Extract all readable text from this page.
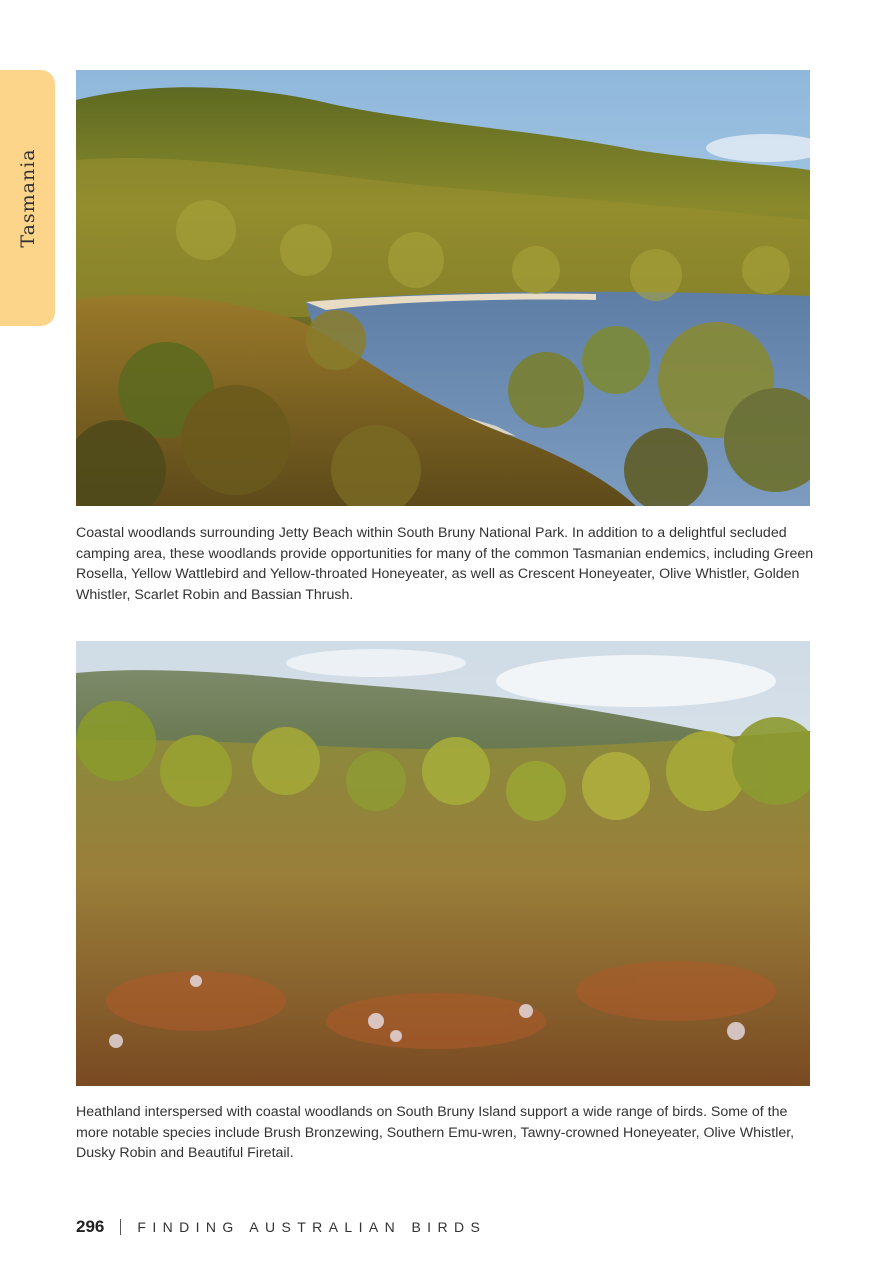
Tasmania
Coastal woodlands surrounding Jetty Beach within South Bruny National Park. In addition to a delightful secluded camping area, these woodlands provide opportunities for many of the common Tasmanian endemics, including Green Rosella, Yellow Wattlebird and Yellow-throated Honeyeater, as well as Crescent Honeyeater, Olive Whistler, Golden Whistler, Scarlet Robin and Bassian Thrush.
Heathland interspersed with coastal woodlands on South Bruny Island support a wide range of birds. Some of the more notable species include Brush Bronzewing, Southern Emu-wren, Tawny-crowned Honeyeater, Olive Whistler, Dusky Robin and Beautiful Firetail.
296 FINDING AUSTRALIAN BIRDS
